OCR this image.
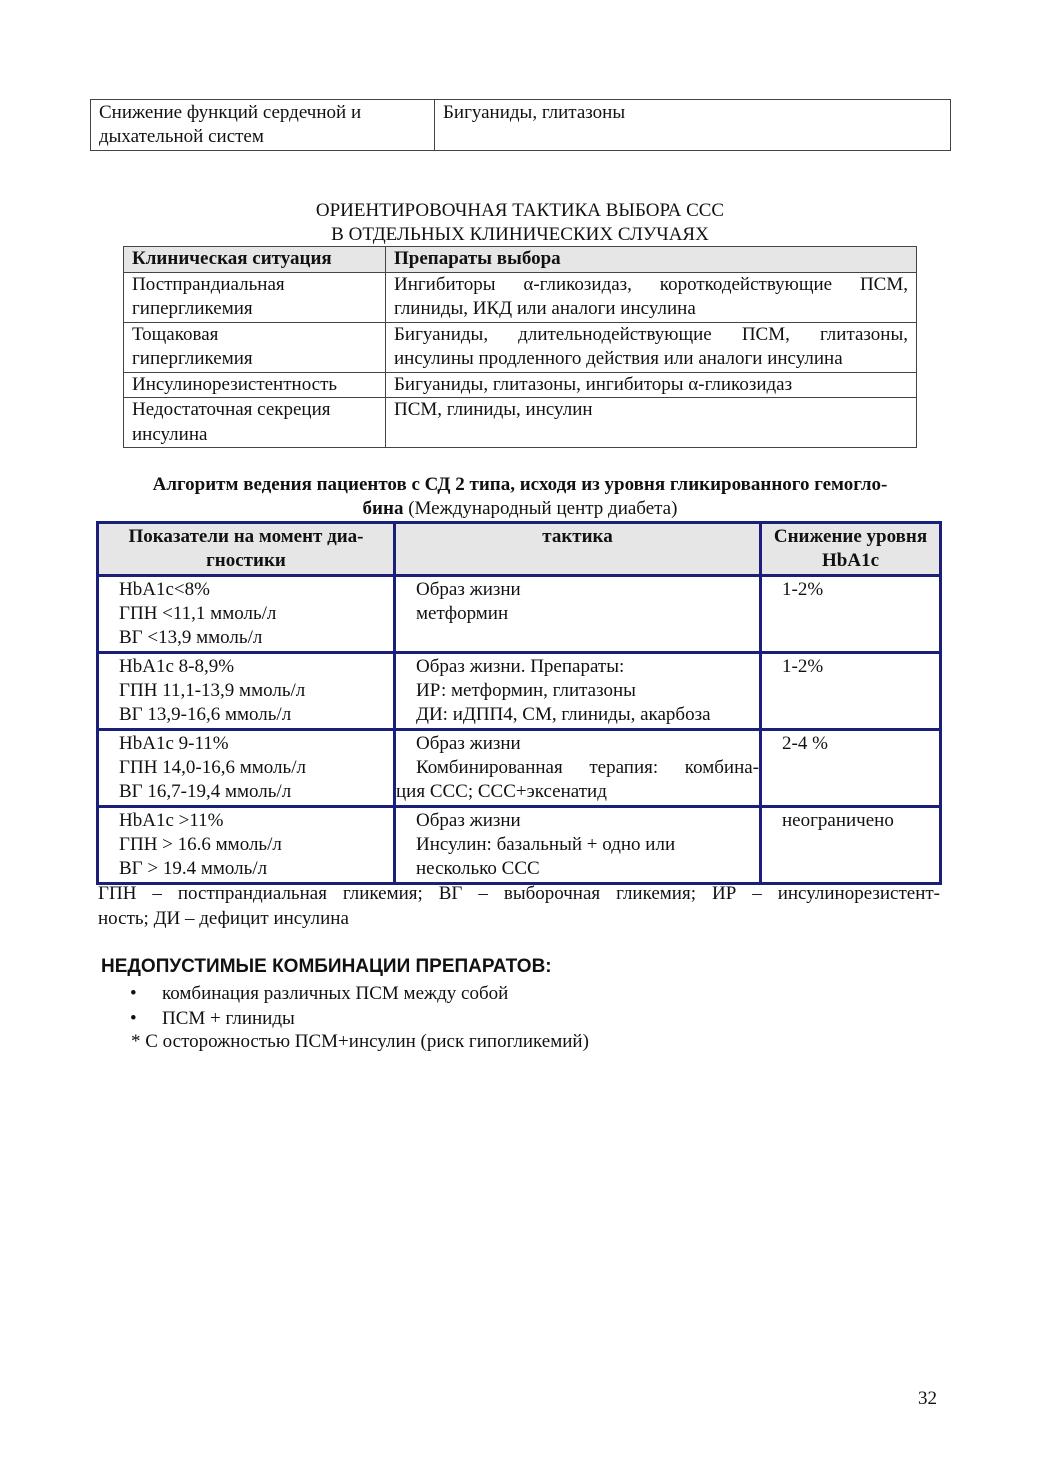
Снижение функций сердечной и
дыхательной систем
	Бигуаниды, глитазоны
ОРИЕНТИРОВОЧНАЯ ТАКТИКА ВЫБОРА ССС
В ОТДЕЛЬНЫХ КЛИНИЧЕСКИХ СЛУЧАЯХ
Клиническая ситуация	Препараты выбора

Постпрандиальная
гипергликемия	Ингибиторы α-гликозидаз, короткодействующие ПСМ,
глиниды, ИКД или аналоги инсулина

Тощаковая
гипергликемия	Бигуаниды, длительнодействующие ПСМ, глитазоны,
инсулины продленного действия или аналоги инсулина

Инсулинорезистентность	Бигуаниды, глитазоны, ингибиторы α-гликозидаз

Недостаточная секреция
инсулина	ПСМ, глиниды, инсулин
Алгоритм ведения пациентов с СД 2 типа, исходя из уровня гликированного гемогло-
бина (Международный центр диабета)
Показатели на момент диа-
гностики	тактика	Снижение уровня
HbA1c

HbA1c<8%
ГПН <11,1 ммоль/л
ВГ <13,9 ммоль/л	Образ жизни
метформин	1-2%

HbA1c 8-8,9%
ГПН 11,1-13,9 ммоль/л
ВГ 13,9-16,6 ммоль/л	Образ жизни. Препараты:
ИР: метформин, глитазоны
ДИ: иДПП4, СМ, глиниды, акарбоза	1-2%

HbA1c 9-11%
ГПН 14,0-16,6 ммоль/л
ВГ 16,7-19,4 ммоль/л	Образ жизни
Комбинированная терапия: комбина-
ция ССС; ССС+эксенатид	2-4 %

HbA1c >11%
ГПН > 16.6 ммоль/л
ВГ > 19.4 ммоль/л	Образ жизни
Инсулин: базальный + одно или
несколько ССС	неограничено
ГПН – постпрандиальная гликемия; ВГ – выборочная гликемия; ИР – инсулинорезистент-
ность; ДИ – дефицит инсулина
НЕДОПУСТИМЫЕ КОМБИНАЦИИ ПРЕПАРАТОВ:
• комбинация различных ПСМ между собой
• ПСМ + глиниды
* С осторожностью ПСМ+инсулин (риск гипогликемий)
32
